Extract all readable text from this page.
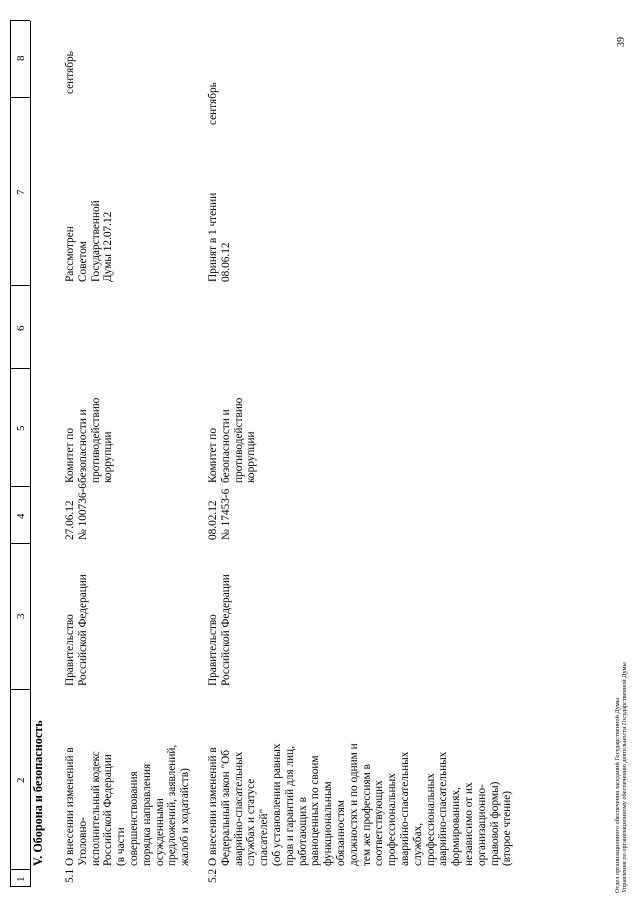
1
2
3
4
5
6
7
8
V. Оборона и безопасность
5.1
О внесении изменений в
Уголовно-
исполнительный кодекс
Российской Федерации
(в части
совершенствования
порядка направления
осужденными
предложений, заявлений,
жалоб и ходатайств)
Правительство
Российской Федерации
27.06.12
№ 100736-6
Комитет по
безопасности и
противодействию
коррупции
Рассмотрен
Советом
Государственной
Думы 12.07.12
сентябрь
5.2
О внесении изменений в
Федеральный закон "Об
аварийно-спасательных
службах и статусе
спасателей"
(об установлении равных
прав и гарантий для лиц,
работающих в
равноценных по своим
функциональным
обязанностям
должностях и по одним и
тем же профессиям в
соответствующих
профессиональных
аварийно-спасательных
службах,
профессиональных
аварийно-спасательных
формированиях,
независимо от их
организационно-
правовой формы)
(второе чтение)
Правительство
Российской Федерации
08.02.12
№ 17453-6
Комитет по
безопасности и
противодействию
коррупции
Принят в 1 чтении
08.06.12
сентябрь
39
Отдел организационного обеспечения заседаний Государственной Думы Управления по организационному обеспечению деятельности Государственной Думы
